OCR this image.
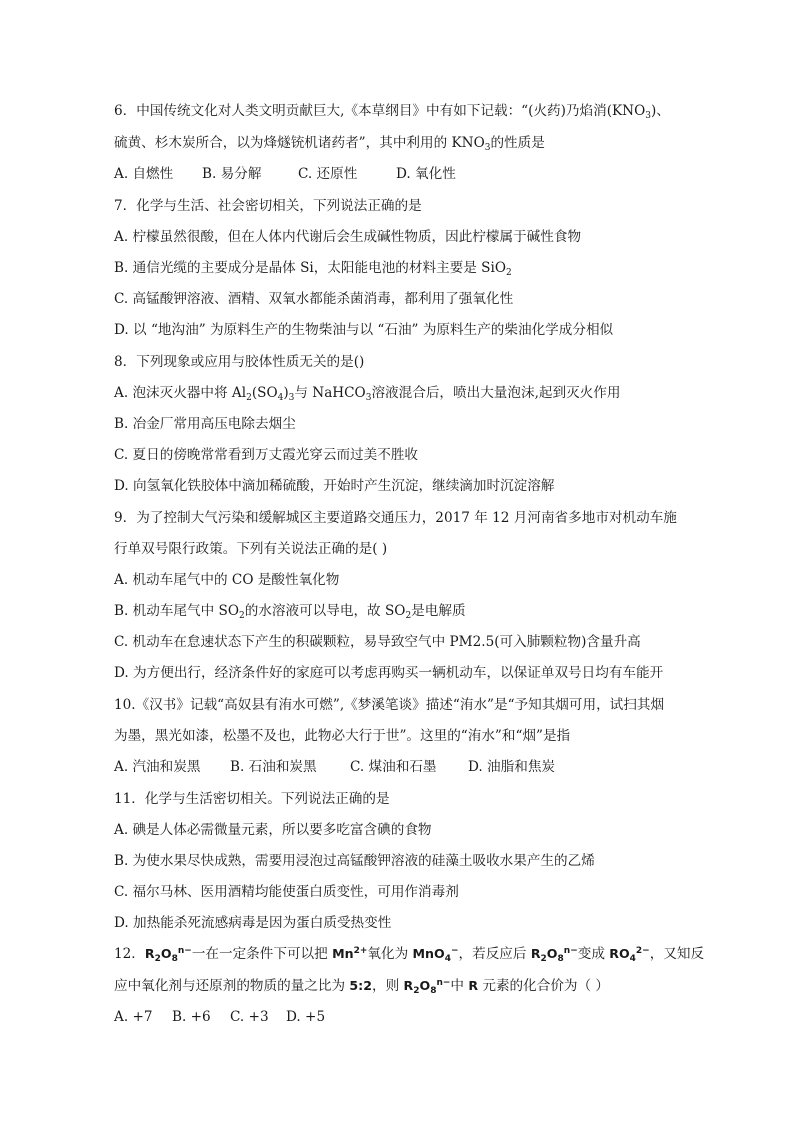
6．中国传统文化对人类文明贡献巨大,《本草纲目》中有如下记载：“(火药)乃焰消$(KNO_3)$、
硫黄、杉木炭所合，以为烽燧铳机诸药者”，其中利用的 $KNO_3$的性质是
A. 自燃性 B. 易分解	C. 还原性	D. 氧化性
7．化学与生活、社会密切相关，下列说法正确的是
A. 柠檬虽然很酸，但在人体内代谢后会生成碱性物质，因此柠檬属于碱性食物
B. 通信光缆的主要成分是晶体 Si，太阳能电池的材料主要是 SiO$_2$
C. 高锰酸钾溶液、酒精、双氧水都能杀菌消毒，都利用了强氧化性
D. 以 “地沟油” 为原料生产的生物柴油与以 “石油” 为原料生产的柴油化学成分相似
8．下列现象或应用与胶体性质无关的是()
A. 泡沫灭火器中将 $Al_2(SO_4)_3$与 NaHCO$_3$溶液混合后，喷出大量泡沫,起到灭火作用
B. 冶金厂常用高压电除去烟尘
C. 夏日的傍晚常常看到万丈霞光穿云而过美不胜收
D. 向氢氧化铁胶体中滴加稀硫酸，开始时产生沉淀，继续滴加时沉淀溶解
9．为了控制大气污染和缓解城区主要道路交通压力，2017 年 12 月河南省多地市对机动车施
行单双号限行政策。下列有关说法正确的是( )
A. 机动车尾气中的 CO 是酸性氧化物
B. 机动车尾气中 $SO_2$的水溶液可以导电，故 $SO_2$是电解质
C. 机动车在怠速状态下产生的积碳颗粒，易导致空气中 PM2.5(可入肺颗粒物)含量升高
D. 为方便出行，经济条件好的家庭可以考虑再购买一辆机动车，以保证单双号日均有车能开
10.《汉书》记载“高奴县有洧水可燃”,《梦溪笔谈》描述“洧水”是“予知其烟可用，试扫其烟
为墨，黑光如漆，松墨不及也，此物必大行于世”。这里的“洧水”和“烟”是指
A. 汽油和炭黑 B. 石油和炭黑 C. 煤油和石墨 D. 油脂和焦炭
11．化学与生活密切相关。下列说法正确的是
A. 碘是人体必需微量元素，所以要多吃富含碘的食物
B. 为使水果尽快成熟，需要用浸泡过高锰酸钾溶液的硅藻土吸收水果产生的乙烯
C. 福尔马林、医用酒精均能使蛋白质变性，可用作消毒剂
D. 加热能杀死流感病毒是因为蛋白质受热变性
12．$R_2O_8^{n-}$一在一定条件下可以把 $Mn^{2+}$氧化为 MnO$_4$−，若反应后 $R_2O_8^{n-}$变成 $RO_4^{2-}$，又知反
应中氧化剂与还原剂的物质的量之比为 5:2，则 $R_2O_8^{n-}$中 R 元素的化合价为（ ）
A. +7 B. +6 C. +3 D. +5
